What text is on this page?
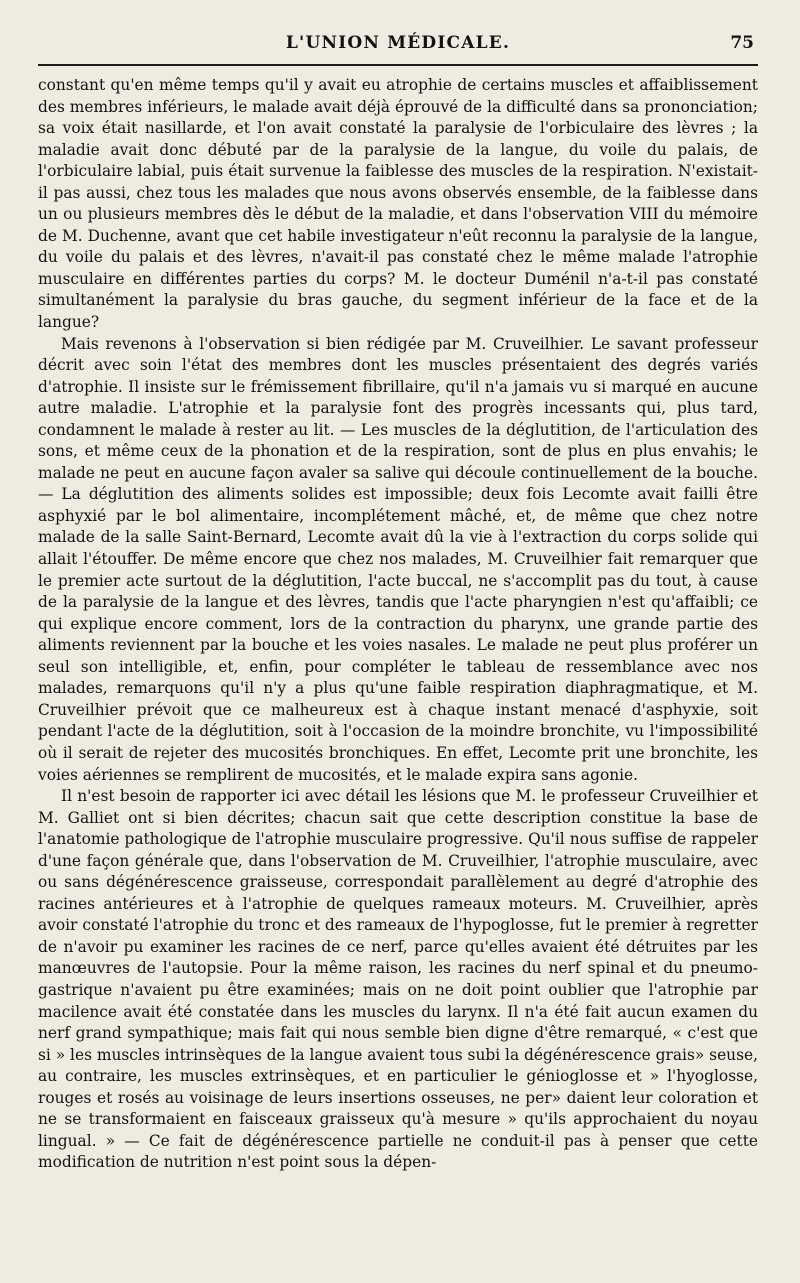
L'UNION MÉDICALE.	75

constant qu'en même temps qu'il y avait eu atrophie de certains muscles et affaiblissement des membres inférieurs, le malade avait déjà éprouvé de la difficulté dans sa prononciation; sa voix était nasillarde, et l'on avait constaté la paralysie de l'orbiculaire des lèvres ; la maladie avait donc débuté par de la paralysie de la langue, du voile du palais, de l'orbiculaire labial, puis était survenue la faiblesse des muscles de la respiration. N'existait-il pas aussi, chez tous les malades que nous avons observés ensemble, de la faiblesse dans un ou plusieurs membres dès le début de la maladie, et dans l'observation VIII du mémoire de M. Duchenne, avant que cet habile investigateur n'eût reconnu la paralysie de la langue, du voile du palais et des lèvres, n'avait-il pas constaté chez le même malade l'atrophie musculaire en différentes parties du corps? M. le docteur Duménil n'a-t-il pas constaté simultanément la paralysie du bras gauche, du segment inférieur de la face et de la langue?

Mais revenons à l'observation si bien rédigée par M. Cruveilhier. Le savant professeur décrit avec soin l'état des membres dont les muscles présentaient des degrés variés d'atrophie. Il insiste sur le frémissement fibrillaire, qu'il n'a jamais vu si marqué en aucune autre maladie. L'atrophie et la paralysie font des progrès incessants qui, plus tard, condamnent le malade à rester au lit. — Les muscles de la déglutition, de l'articulation des sons, et même ceux de la phonation et de la respiration, sont de plus en plus envahis; le malade ne peut en aucune façon avaler sa salive qui découle continuellement de la bouche. — La déglutition des aliments solides est impossible; deux fois Lecomte avait failli être asphyxié par le bol alimentaire, incomplétement mâché, et, de même que chez notre malade de la salle Saint-Bernard, Lecomte avait dû la vie à l'extraction du corps solide qui allait l'étouffer. De même encore que chez nos malades, M. Cruveilhier fait remarquer que le premier acte surtout de la déglutition, l'acte buccal, ne s'accomplit pas du tout, à cause de la paralysie de la langue et des lèvres, tandis que l'acte pharyngien n'est qu'affaibli; ce qui explique encore comment, lors de la contraction du pharynx, une grande partie des aliments reviennent par la bouche et les voies nasales. Le malade ne peut plus proférer un seul son intelligible, et, enfin, pour compléter le tableau de ressemblance avec nos malades, remarquons qu'il n'y a plus qu'une faible respiration diaphragmatique, et M. Cruveilhier prévoit que ce malheureux est à chaque instant menacé d'asphyxie, soit pendant l'acte de la déglutition, soit à l'occasion de la moindre bronchite, vu l'impossibilité où il serait de rejeter des mucosités bronchiques. En effet, Lecomte prit une bronchite, les voies aériennes se remplirent de mucosités, et le malade expira sans agonie.

Il n'est besoin de rapporter ici avec détail les lésions que M. le professeur Cruveilhier et M. Galliet ont si bien décrites; chacun sait que cette description constitue la base de l'anatomie pathologique de l'atrophie musculaire progressive. Qu'il nous suffise de rappeler d'une façon générale que, dans l'observation de M. Cruveilhier, l'atrophie musculaire, avec ou sans dégénérescence graisseuse, correspondait parallèlement au degré d'atrophie des racines antérieures et à l'atrophie de quelques rameaux moteurs. M. Cruveilhier, après avoir constaté l'atrophie du tronc et des rameaux de l'hypoglosse, fut le premier à regretter de n'avoir pu examiner les racines de ce nerf, parce qu'elles avaient été détruites par les manœuvres de l'autopsie. Pour la même raison, les racines du nerf spinal et du pneumo-gastrique n'avaient pu être examinées; mais on ne doit point oublier que l'atrophie par macilence avait été constatée dans les muscles du larynx. Il n'a été fait aucun examen du nerf grand sympathique; mais fait qui nous semble bien digne d'être remarqué, « c'est que si » les muscles intrinsèques de la langue avaient tous subi la dégénérescence grais» seuse, au contraire, les muscles extrinsèques, et en particulier le génioglosse et » l'hyoglosse, rouges et rosés au voisinage de leurs insertions osseuses, ne per» daient leur coloration et ne se transformaient en faisceaux graisseux qu'à mesure » qu'ils approchaient du noyau lingual. » — Ce fait de dégénérescence partielle ne conduit-il pas à penser que cette modification de nutrition n'est point sous la dépen-
